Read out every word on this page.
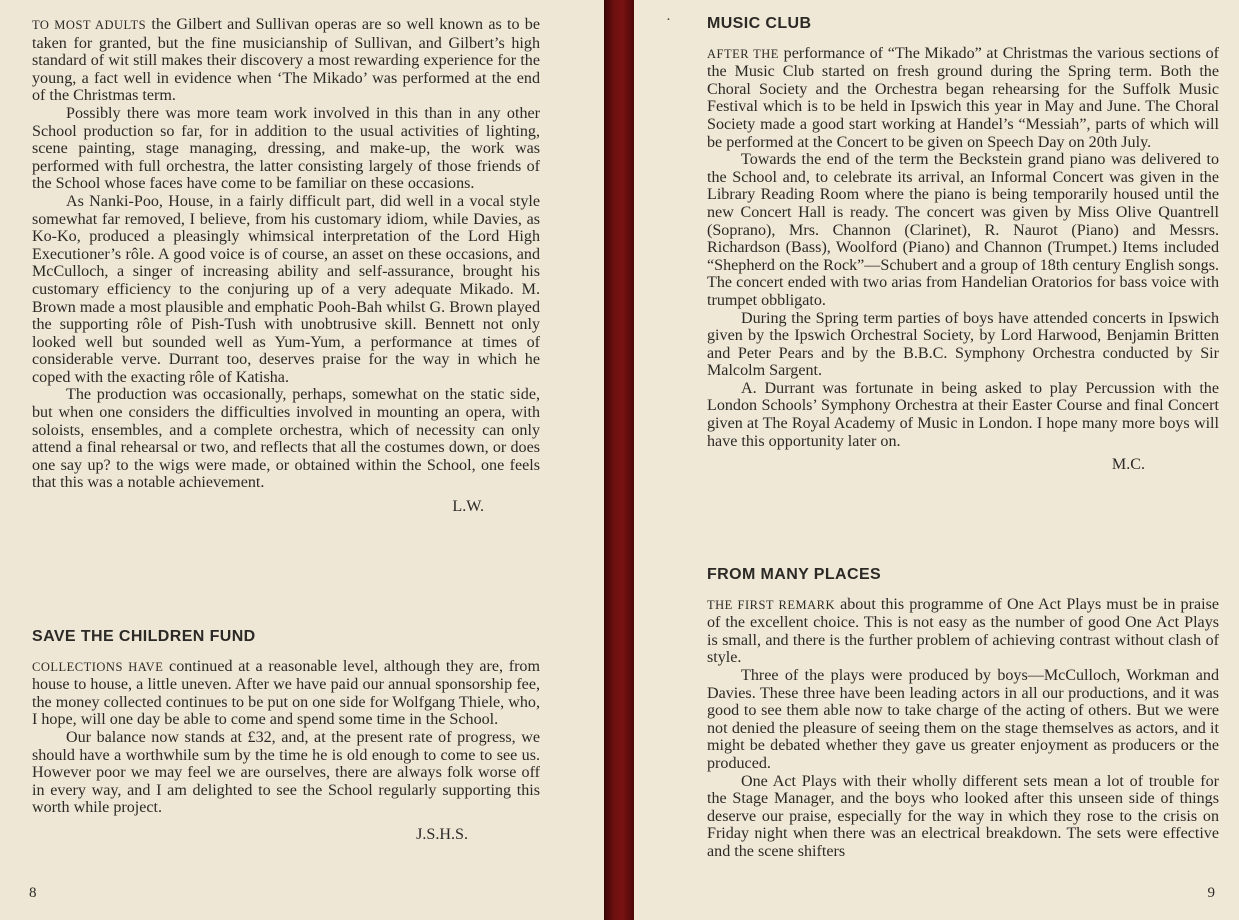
TO MOST ADULTS the Gilbert and Sullivan operas are so well known as to be taken for granted, but the fine musicianship of Sullivan, and Gilbert’s high standard of wit still makes their discovery a most rewarding experience for the young, a fact well in evidence when ‘The Mikado’ was performed at the end of the Christmas term.

Possibly there was more team work involved in this than in any other School production so far, for in addition to the usual activities of lighting, scene painting, stage managing, dressing, and make-up, the work was performed with full orchestra, the latter consisting largely of those friends of the School whose faces have come to be familiar on these occasions.

As Nanki-Poo, House, in a fairly difficult part, did well in a vocal style somewhat far removed, I believe, from his customary idiom, while Davies, as Ko-Ko, produced a pleasingly whimsical interpretation of the Lord High Executioner’s rôle. A good voice is of course, an asset on these occasions, and McCulloch, a singer of increasing ability and self-assurance, brought his customary efficiency to the conjuring up of a very adequate Mikado. M. Brown made a most plausible and emphatic Pooh-Bah whilst G. Brown played the supporting rôle of Pish-Tush with unobtrusive skill. Bennett not only looked well but sounded well as Yum-Yum, a performance at times of considerable verve. Durrant too, deserves praise for the way in which he coped with the exacting rôle of Katisha.

The production was occasionally, perhaps, somewhat on the static side, but when one considers the difficulties involved in mounting an opera, with soloists, ensembles, and a complete orchestra, which of necessity can only attend a final rehearsal or two, and reflects that all the costumes down, or does one say up? to the wigs were made, or obtained within the School, one feels that this was a notable achievement.

L.W.
SAVE THE CHILDREN FUND

COLLECTIONS HAVE continued at a reasonable level, although they are, from house to house, a little uneven. After we have paid our annual sponsorship fee, the money collected continues to be put on one side for Wolfgang Thiele, who, I hope, will one day be able to come and spend some time in the School.

Our balance now stands at £32, and, at the present rate of progress, we should have a worthwhile sum by the time he is old enough to come to see us. However poor we may feel we are ourselves, there are always folk worse off in every way, and I am delighted to see the School regularly supporting this worth while project.

J.S.H.S.
8
· MUSIC CLUB

AFTER THE performance of “The Mikado” at Christmas the various sections of the Music Club started on fresh ground during the Spring term. Both the Choral Society and the Orchestra began rehearsing for the Suffolk Music Festival which is to be held in Ipswich this year in May and June. The Choral Society made a good start working at Handel’s “Messiah”, parts of which will be performed at the Concert to be given on Speech Day on 20th July.

Towards the end of the term the Beckstein grand piano was delivered to the School and, to celebrate its arrival, an Informal Concert was given in the Library Reading Room where the piano is being temporarily housed until the new Concert Hall is ready. The concert was given by Miss Olive Quantrell (Soprano), Mrs. Channon (Clarinet), R. Naurot (Piano) and Messrs. Richardson (Bass), Woolford (Piano) and Channon (Trumpet.) Items included “Shepherd on the Rock”—Schubert and a group of 18th century English songs. The concert ended with two arias from Handelian Oratorios for bass voice with trumpet obbligato.

During the Spring term parties of boys have attended concerts in Ipswich given by the Ipswich Orchestral Society, by Lord Harwood, Benjamin Britten and Peter Pears and by the B.B.C. Symphony Orchestra conducted by Sir Malcolm Sargent.

A. Durrant was fortunate in being asked to play Percussion with the London Schools’ Symphony Orchestra at their Easter Course and final Concert given at The Royal Academy of Music in London. I hope many more boys will have this opportunity later on.

M.C.
FROM MANY PLACES

THE FIRST REMARK about this programme of One Act Plays must be in praise of the excellent choice. This is not easy as the number of good One Act Plays is small, and there is the further problem of achieving contrast without clash of style.

Three of the plays were produced by boys—McCulloch, Workman and Davies. These three have been leading actors in all our productions, and it was good to see them able now to take charge of the acting of others. But we were not denied the pleasure of seeing them on the stage themselves as actors, and it might be debated whether they gave us greater enjoyment as producers or the produced.

One Act Plays with their wholly different sets mean a lot of trouble for the Stage Manager, and the boys who looked after this unseen side of things deserve our praise, especially for the way in which they rose to the crisis on Friday night when there was an electrical breakdown. The sets were effective and the scene shifters

9
